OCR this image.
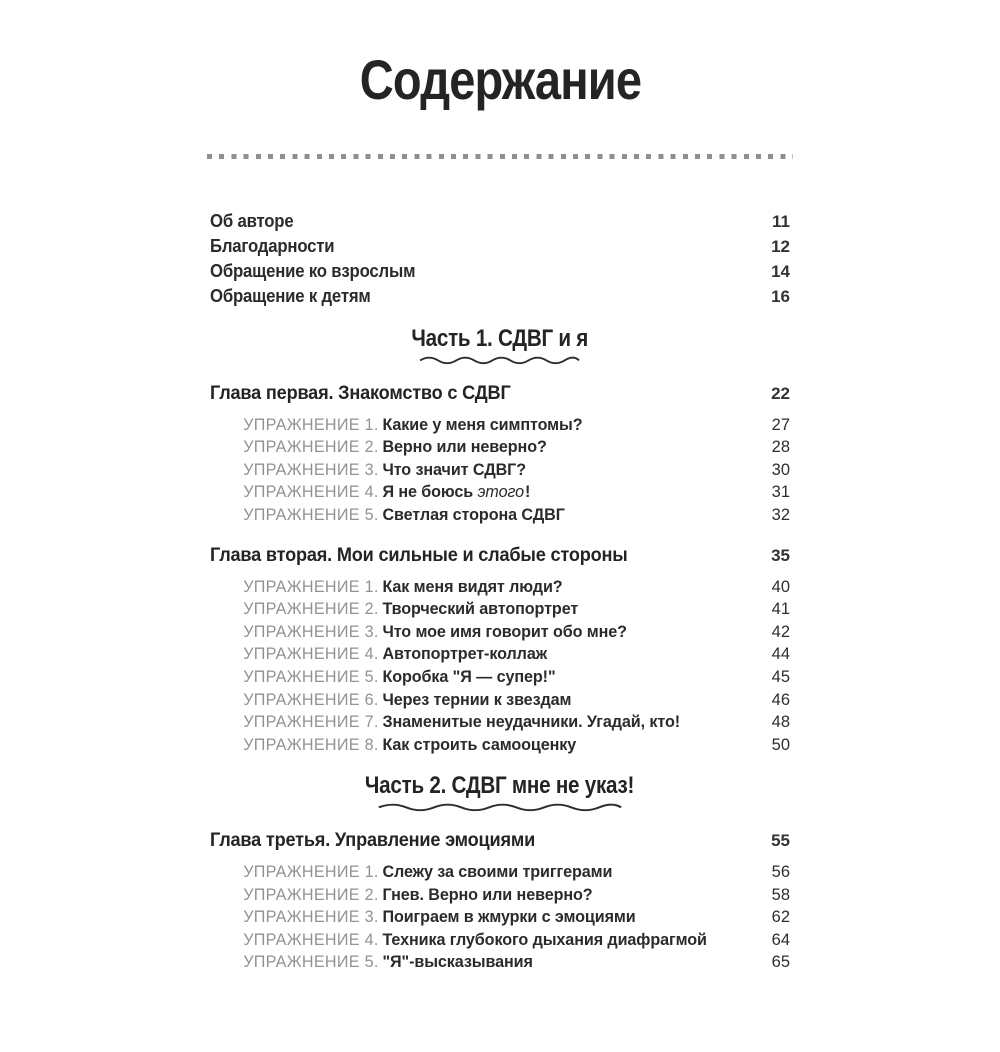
Содержание
Об авторе	11
Благодарности	12
Обращение ко взрослым	14
Обращение к детям	16
Часть 1. СДВГ и я
Глава первая. Знакомство с СДВГ	22
УПРАЖНЕНИЕ 1. Какие у меня симптомы?	27
УПРАЖНЕНИЕ 2. Верно или неверно?	28
УПРАЖНЕНИЕ 3. Что значит СДВГ?	30
УПРАЖНЕНИЕ 4. Я не боюсь этого!	31
УПРАЖНЕНИЕ 5. Светлая сторона СДВГ	32
Глава вторая. Мои сильные и слабые стороны	35
УПРАЖНЕНИЕ 1. Как меня видят люди?	40
УПРАЖНЕНИЕ 2. Творческий автопортрет	41
УПРАЖНЕНИЕ 3. Что мое имя говорит обо мне?	42
УПРАЖНЕНИЕ 4. Автопортрет-коллаж	44
УПРАЖНЕНИЕ 5. Коробка "Я — супер!"	45
УПРАЖНЕНИЕ 6. Через тернии к звездам	46
УПРАЖНЕНИЕ 7. Знаменитые неудачники. Угадай, кто!	48
УПРАЖНЕНИЕ 8. Как строить самооценку	50
Часть 2. СДВГ мне не указ!
Глава третья. Управление эмоциями	55
УПРАЖНЕНИЕ 1. Слежу за своими триггерами	56
УПРАЖНЕНИЕ 2. Гнев. Верно или неверно?	58
УПРАЖНЕНИЕ 3. Поиграем в жмурки с эмоциями	62
УПРАЖНЕНИЕ 4. Техника глубокого дыхания диафрагмой	64
УПРАЖНЕНИЕ 5. "Я"-высказывания	65
